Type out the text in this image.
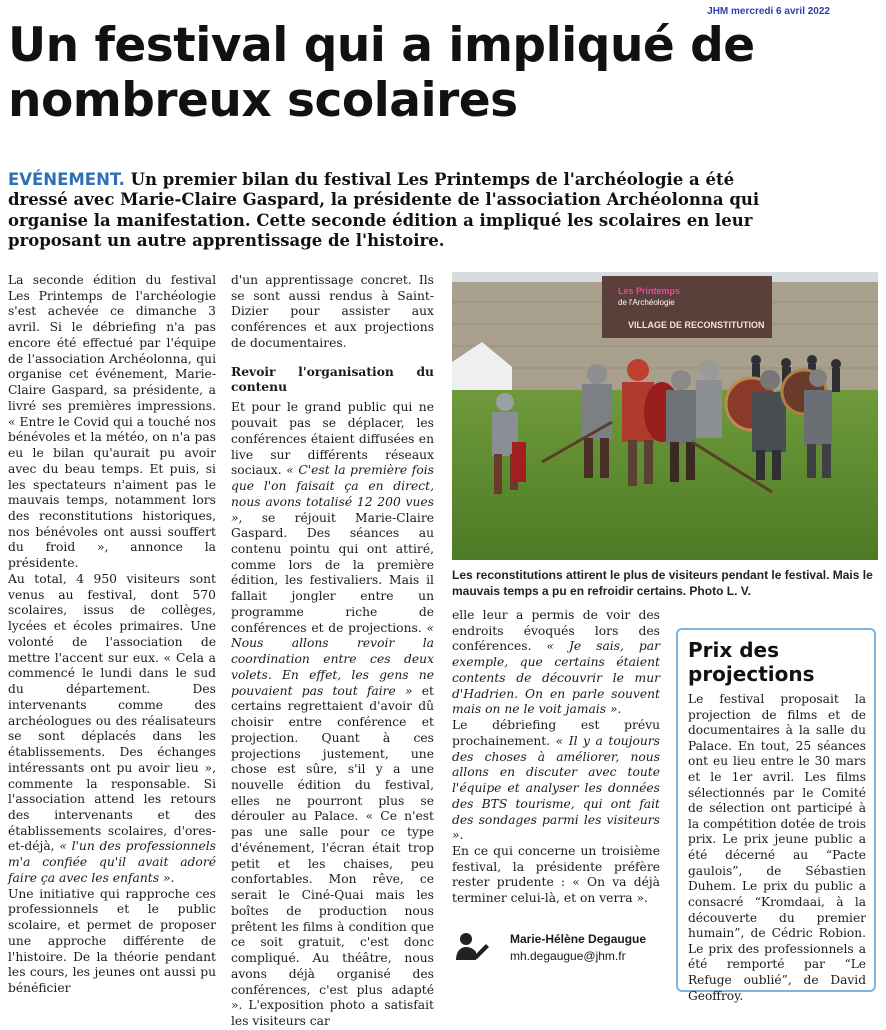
JHM mercredi 6 avril 2022
Un festival qui a impliqué de nombreux scolaires
EVÉNEMENT. Un premier bilan du festival Les Printemps de l'archéologie a été dressé avec Marie-Claire Gaspard, la présidente de l'association Archéolonna qui organise la manifestation. Cette seconde édition a impliqué les scolaires en leur proposant un autre apprentissage de l'histoire.

La seconde édition du festival Les Printemps de l'archéologie s'est achevée ce dimanche 3 avril. Si le débriefing n'a pas encore été effectué par l'équipe de l'association Archéolonna, qui organise cet événement, Marie-Claire Gaspard, sa présidente, a livré ses premières impressions. « Entre le Covid qui a touché nos bénévoles et la météo, on n'a pas eu le bilan qu'aurait pu avoir avec du beau temps. Et puis, si les spectateurs n'aiment pas le mauvais temps, notamment lors des reconstitutions historiques, nos bénévoles ont aussi souffert du froid », annonce la présidente.

Au total, 4 950 visiteurs sont venus au festival, dont 570 scolaires, issus de collèges, lycées et écoles primaires. Une volonté de l'association de mettre l'accent sur eux. « Cela a commencé le lundi dans le sud du département. Des intervenants comme des archéologues ou des réalisateurs se sont déplacés dans les établissements. Des échanges intéressants ont pu avoir lieu », commente la responsable. Si l'association attend les retours des intervenants et des établissements scolaires, d'ores-et-déjà, « l'un des professionnels m'a confiée qu'il avait adoré faire ça avec les enfants ».

Une initiative qui rapproche ces professionnels et le public scolaire, et permet de proposer une approche différente de l'histoire. De la théorie pendant les cours, les jeunes ont aussi pu bénéficier

d'un apprentissage concret. Ils se sont aussi rendus à Saint-Dizier pour assister aux conférences et aux projections de documentaires.

Revoir l'organisation du contenu

Et pour le grand public qui ne pouvait pas se déplacer, les conférences étaient diffusées en live sur différents réseaux sociaux. « C'est la première fois que l'on faisait ça en direct, nous avons totalisé 12 200 vues », se réjouit Marie-Claire Gaspard. Des séances au contenu pointu qui ont attiré, comme lors de la première édition, les festivaliers. Mais il fallait jongler entre un programme riche de conférences et de projections. « Nous allons revoir la coordination entre ces deux volets. En effet, les gens ne pouvaient pas tout faire » et certains regrettaient d'avoir dû choisir entre conférence et projection. Quant à ces projections justement, une chose est sûre, s'il y a une nouvelle édition du festival, elles ne pourront plus se dérouler au Palace. « Ce n'est pas une salle pour ce type d'événement, l'écran était trop petit et les chaises, peu confortables. Mon rêve, ce serait le Ciné-Quai mais les boîtes de production nous prêtent les films à condition que ce soit gratuit, c'est donc compliqué. Au théâtre, nous avons déjà organisé des conférences, c'est plus adapté ». L'exposition photo a satisfait les visiteurs car

Les Printemps
de l'Archéologie
VILLAGE DE RECONSTITUTION
Les reconstitutions attirent le plus de visiteurs pendant le festival. Mais le mauvais temps a pu en refroidir certains. Photo L. V.

elle leur a permis de voir des endroits évoqués lors des conférences. « Je sais, par exemple, que certains étaient contents de découvrir le mur d'Hadrien. On en parle souvent mais on ne le voit jamais ».

Le débriefing est prévu prochainement. « Il y a toujours des choses à améliorer, nous allons en discuter avec toute l'équipe et analyser les données des BTS tourisme, qui ont fait des sondages parmi les visiteurs ».

En ce qui concerne un troisième festival, la présidente préfère rester prudente : « On va déjà terminer celui-là, et on verra ».

Marie-Hélène Degaugue
mh.degaugue@jhm.fr
Prix des projections

Le festival proposait la projection de films et de documentaires à la salle du Palace. En tout, 25 séances ont eu lieu entre le 30 mars et le 1er avril. Les films sélectionnés par le Comité de sélection ont participé à la compétition dotée de trois prix. Le prix jeune public a été décerné au “Pacte gaulois”, de Sébastien Duhem. Le prix du public a consacré “Kromdaai, à la découverte du premier humain”, de Cédric Robion. Le prix des professionnels a été remporté par “Le Refuge oublié”, de David Geoffroy.
